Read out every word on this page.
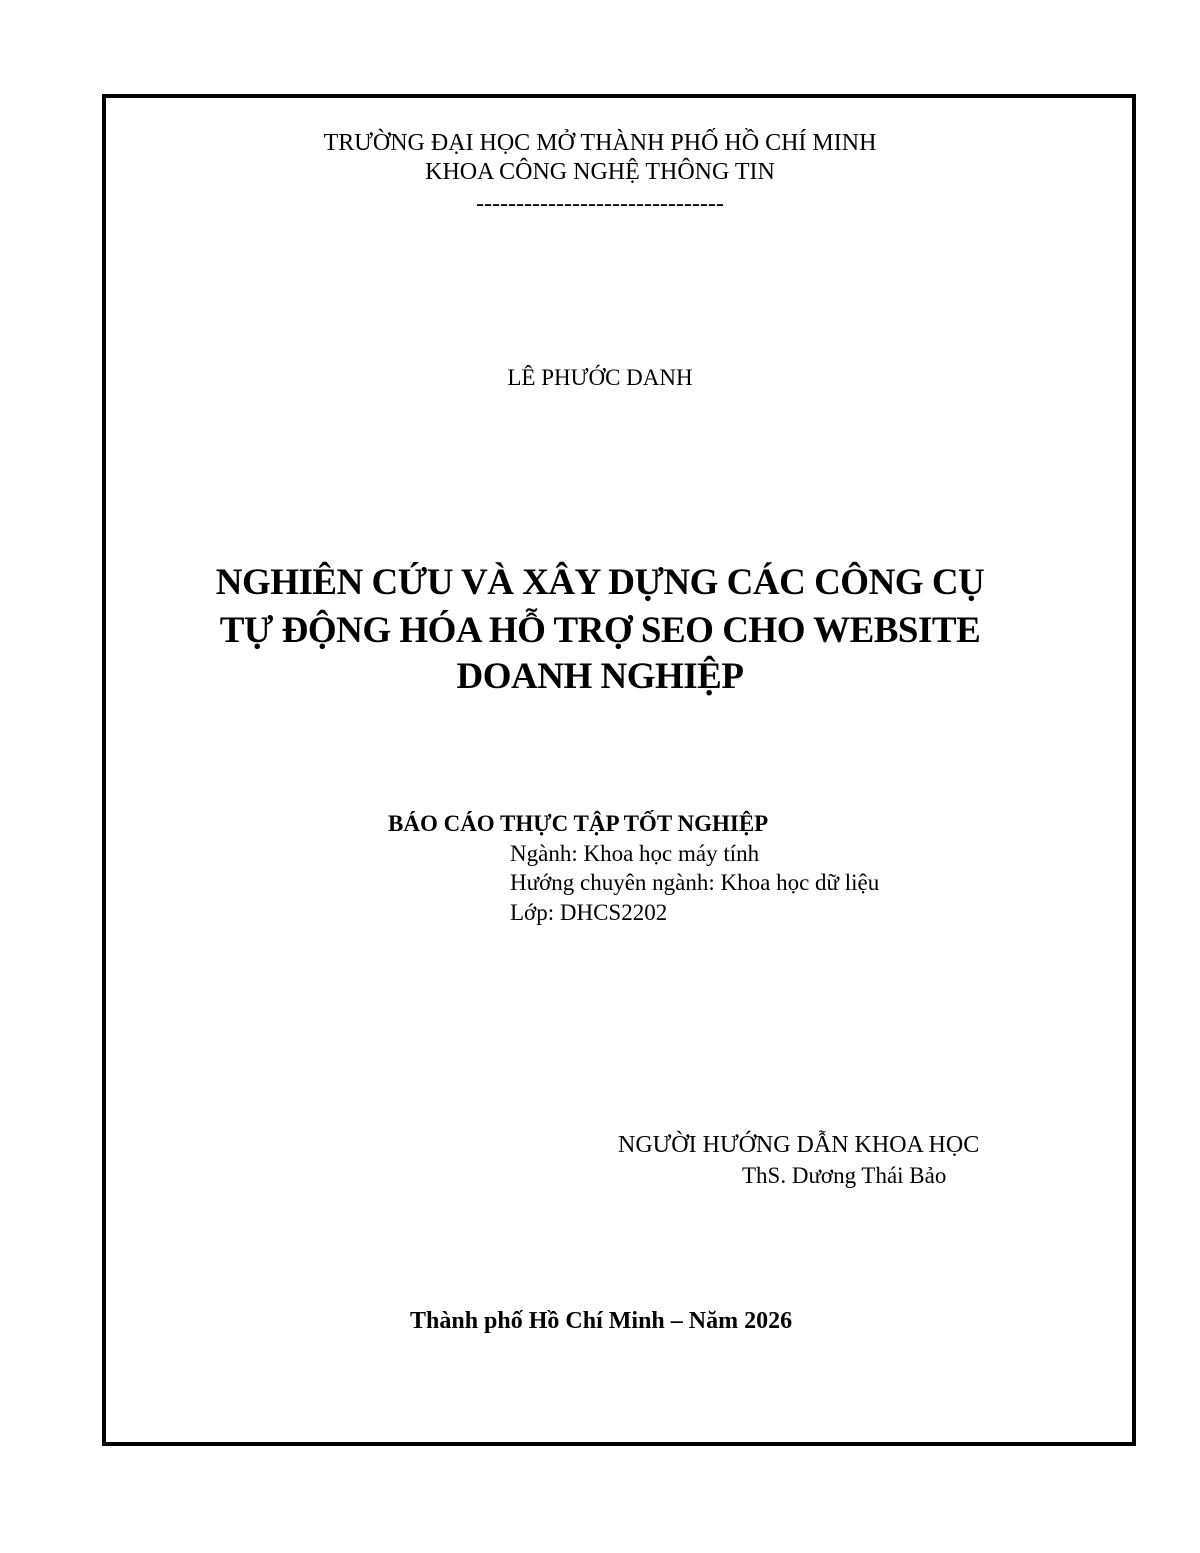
TRƯỜNG ĐẠI HỌC MỞ THÀNH PHỐ HỒ CHÍ MINH
KHOA CÔNG NGHỆ THÔNG TIN
-------------------------------
LÊ PHƯỚC DANH
NGHIÊN CỨU VÀ XÂY DỰNG CÁC CÔNG CỤ
TỰ ĐỘNG HÓA HỖ TRỢ SEO CHO WEBSITE
DOANH NGHIỆP
BÁO CÁO THỰC TẬP TỐT NGHIỆP
Ngành: Khoa học máy tính
Hướng chuyên ngành: Khoa học dữ liệu
Lớp: DHCS2202
NGƯỜI HƯỚNG DẪN KHOA HỌC
ThS. Dương Thái Bảo
Thành phố Hồ Chí Minh – Năm 2026
